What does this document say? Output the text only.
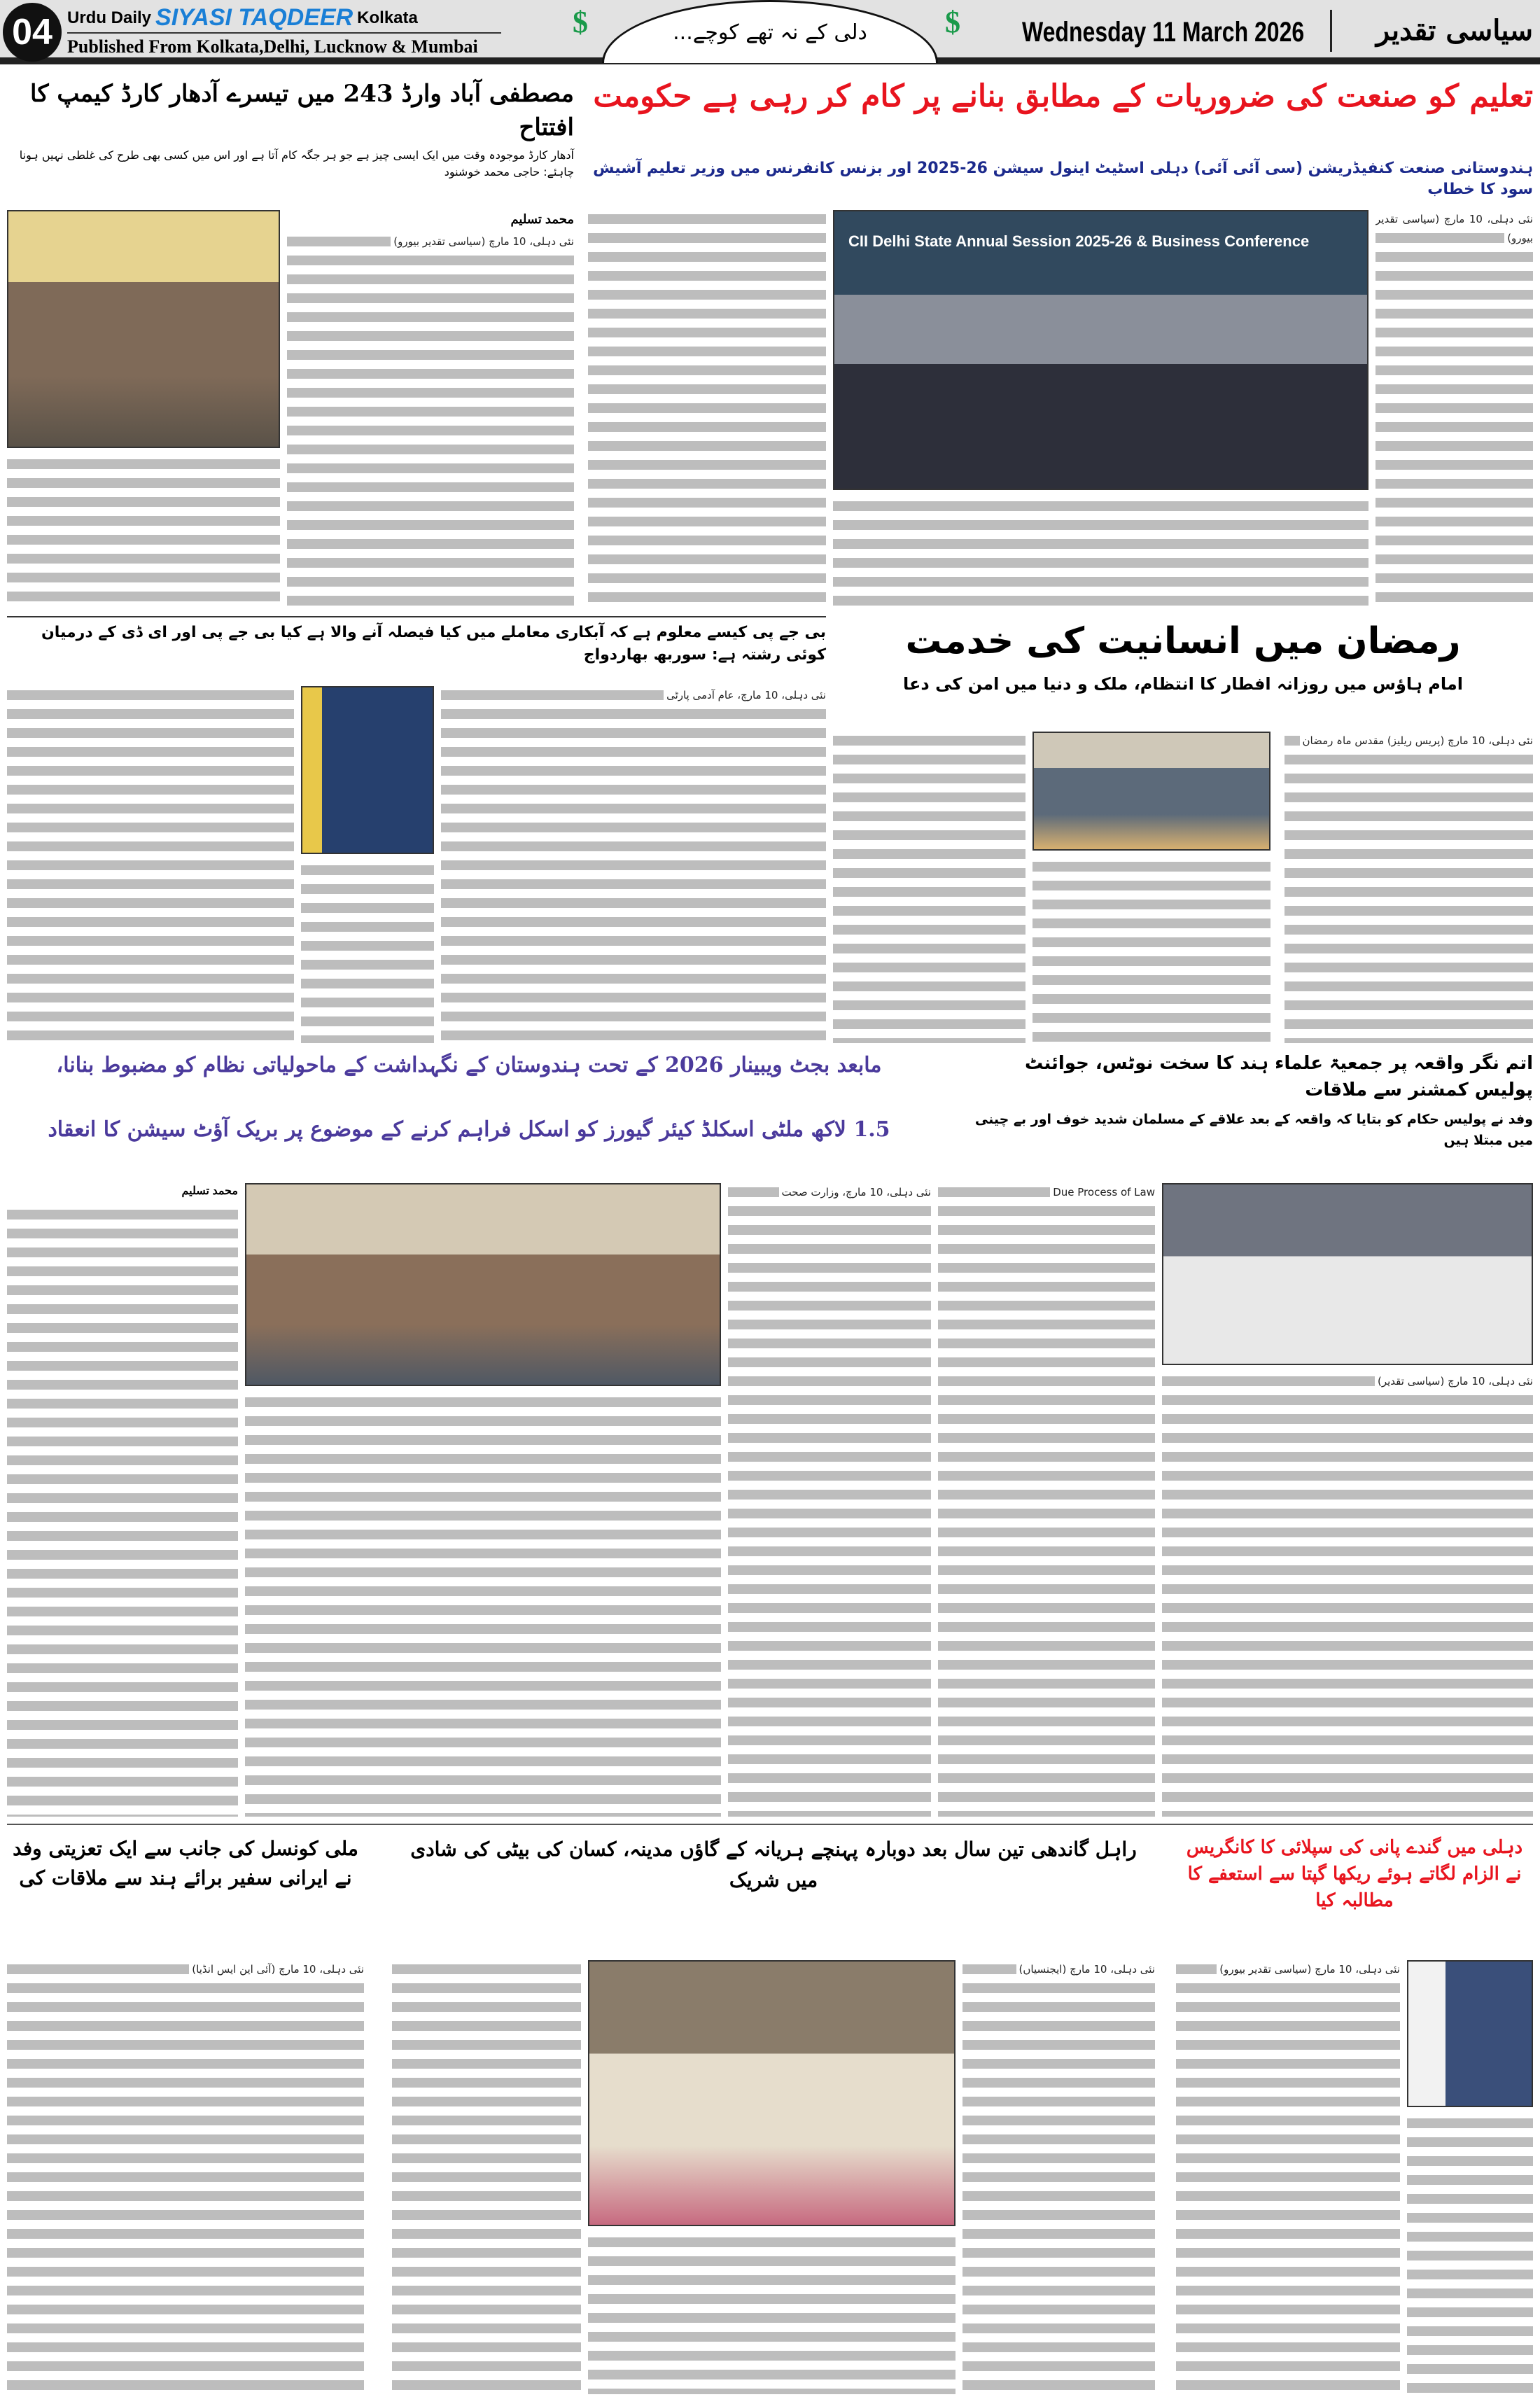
04 Urdu Daily SIYASI TAQDEER Kolkata
Published From Kolkata,Delhi, Lucknow & Mumbai
$	$
دلی کے نہ تھے کوچے...	Wednesday 11 March 2026	سیاسی تقدیر
تعلیم کو صنعت کی ضروریات کے مطابق بنانے پر کام کر رہی ہے حکومت
ہندوستانی صنعت کنفیڈریشن (سی آئی آئی) دہلی اسٹیٹ اینول سیشن 26-2025 اور بزنس کانفرنس میں وزیر تعلیم آشیش سود کا خطاب
نئی دہلی، 10 مارچ (سیاسی تقدیر بیورو)
CII Delhi State Annual Session 2025-26 & Business Conference
مصطفی آباد وارڈ 243 میں تیسرے آدھار کارڈ کیمپ کا افتتاح
آدھار کارڈ موجودہ وقت میں ایک ایسی چیز ہے جو ہر جگہ کام آتا ہے اور اس میں کسی بھی طرح کی غلطی نہیں ہونا چاہئے: حاجی محمد خوشنود
محمد تسلیم
نئی دہلی، 10 مارچ (سیاسی تقدیر بیورو)
بی جے پی کیسے معلوم ہے کہ آبکاری معاملے میں کیا فیصلہ آنے والا ہے کیا بی جے پی اور ای ڈی کے درمیان کوئی رشتہ ہے: سوربھ بھاردواج
نئی دہلی، 10 مارچ، عام آدمی پارٹی
رمضان میں انسانیت کی خدمت
امام ہاؤس میں روزانہ افطار کا انتظام، ملک و دنیا میں امن کی دعا
نئی دہلی، 10 مارچ (پریس ریلیز) مقدس ماہ رمضان
مابعد بجٹ ویبینار 2026 کے تحت ہندوستان کے نگہداشت کے ماحولیاتی نظام کو مضبوط بنانا،
1.5 لاکھ ملٹی اسکلڈ کیئر گیورز کو اسکل فراہم کرنے کے موضوع پر بریک آؤٹ سیشن کا انعقاد
محمد تسلیم	نئی دہلی، 10 مارچ، وزارت صحت
اتم نگر واقعہ پر جمعیۃ علماء ہند کا سخت نوٹس، جوائنٹ پولیس کمشنر سے ملاقات
وفد نے پولیس حکام کو بتایا کہ واقعہ کے بعد علاقے کے مسلمان شدید خوف اور بے چینی میں مبتلا ہیں
Due Process of Law
نئی دہلی، 10 مارچ (سیاسی تقدیر)
ملی کونسل کی جانب سے ایک تعزیتی وفد نے ایرانی سفیر برائے ہند سے ملاقات کی
نئی دہلی، 10 مارچ (آئی این ایس انڈیا)
راہل گاندھی تین سال بعد دوبارہ پہنچے ہریانہ کے گاؤں مدینہ، کسان کی بیٹی کی شادی میں شریک
نئی دہلی، 10 مارچ (ایجنسیاں)
دہلی میں گندے پانی کی سپلائی کا کانگریس نے الزام لگاتے ہوئے ریکھا گپتا سے استعفے کا مطالبہ کیا
نئی دہلی، 10 مارچ (سیاسی تقدیر بیورو)
